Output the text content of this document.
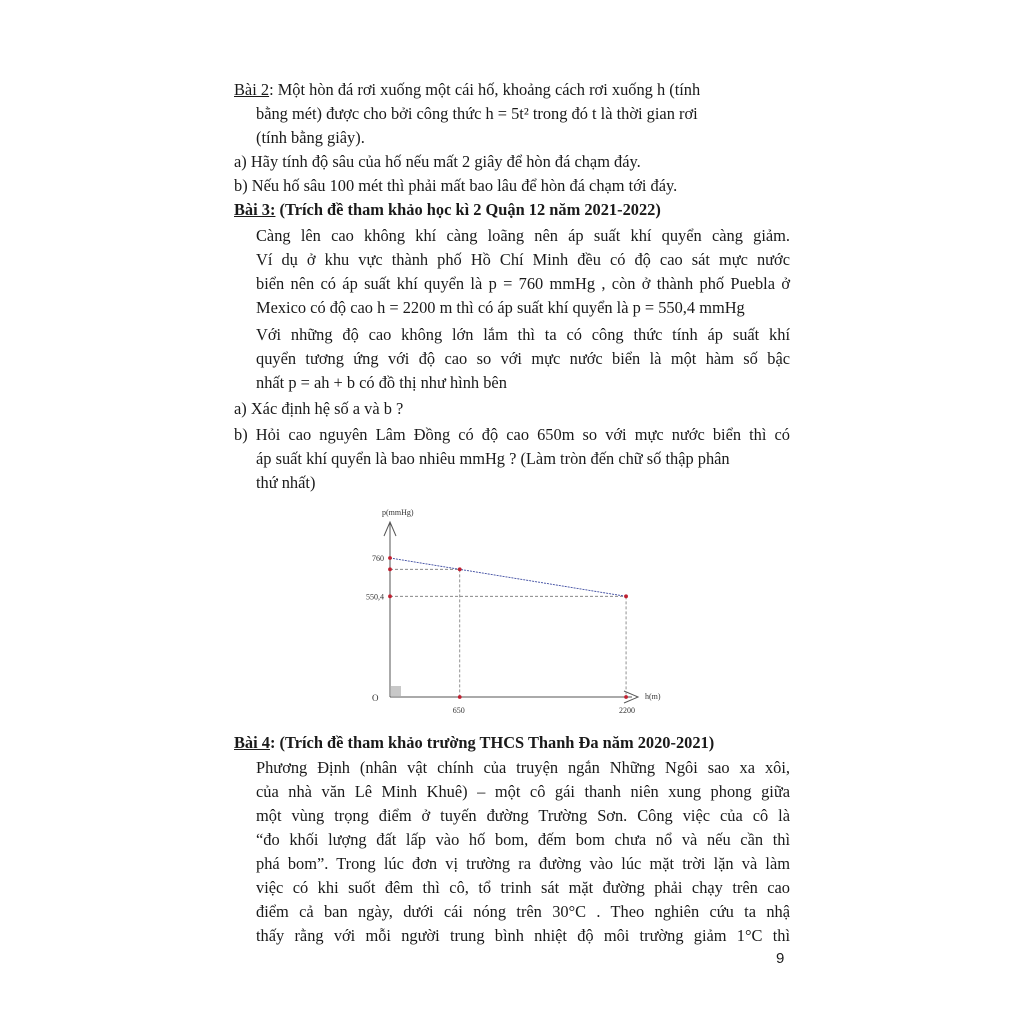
Bài 2: Một hòn đá rơi xuống một cái hố, khoảng cách rơi xuống h (tính
bằng mét) được cho bởi công thức h = 5t² trong đó t là thời gian rơi
(tính bằng giây).
a) Hãy tính độ sâu của hố nếu mất 2 giây để hòn đá chạm đáy.
b) Nếu hố sâu 100 mét thì phải mất bao lâu để hòn đá chạm tới đáy.
Bài 3: (Trích đề tham khảo học kì 2 Quận 12 năm 2021-2022)
Càng lên cao không khí càng loãng nên áp suất khí quyển càng giảm.
Ví dụ ở khu vực thành phố Hồ Chí Minh đều có độ cao sát mực nước
biển nên có áp suất khí quyển là p = 760 mmHg , còn ở thành phố Puebla ở
Mexico có độ cao h = 2200 m thì có áp suất khí quyển là p = 550,4 mmHg
Với những độ cao không lớn lắm thì ta có công thức tính áp suất khí
quyển tương ứng với độ cao so với mực nước biển là một hàm số bậc
nhất p = ah + b có đồ thị như hình bên
a) Xác định hệ số a và b ?
b) Hỏi cao nguyên Lâm Đồng có độ cao 650m so với mực nước biển thì có
áp suất khí quyển là bao nhiêu mmHg ? (Làm tròn đến chữ số thập phân
thứ nhất)
p(mmHg)
h(m)
O
650	2200
760
550,4
Bài 4: (Trích đề tham khảo trường THCS Thanh Đa năm 2020-2021)
Phương Định (nhân vật chính của truyện ngắn Những Ngôi sao xa xôi,
của nhà văn Lê Minh Khuê) – một cô gái thanh niên xung phong giữa
một vùng trọng điểm ở tuyến đường Trường Sơn. Công việc của cô là
“đo khối lượng đất lấp vào hố bom, đếm bom chưa nổ và nếu cần thì
phá bom”. Trong lúc đơn vị trường ra đường vào lúc mặt trời lặn và làm
việc có khi suốt đêm thì cô, tổ trinh sát mặt đường phải chạy trên cao
điểm cả ban ngày, dưới cái nóng trên 30°C . Theo nghiên cứu ta nhậ
thấy rằng với mỗi người trung bình nhiệt độ môi trường giảm 1°C thì
9
